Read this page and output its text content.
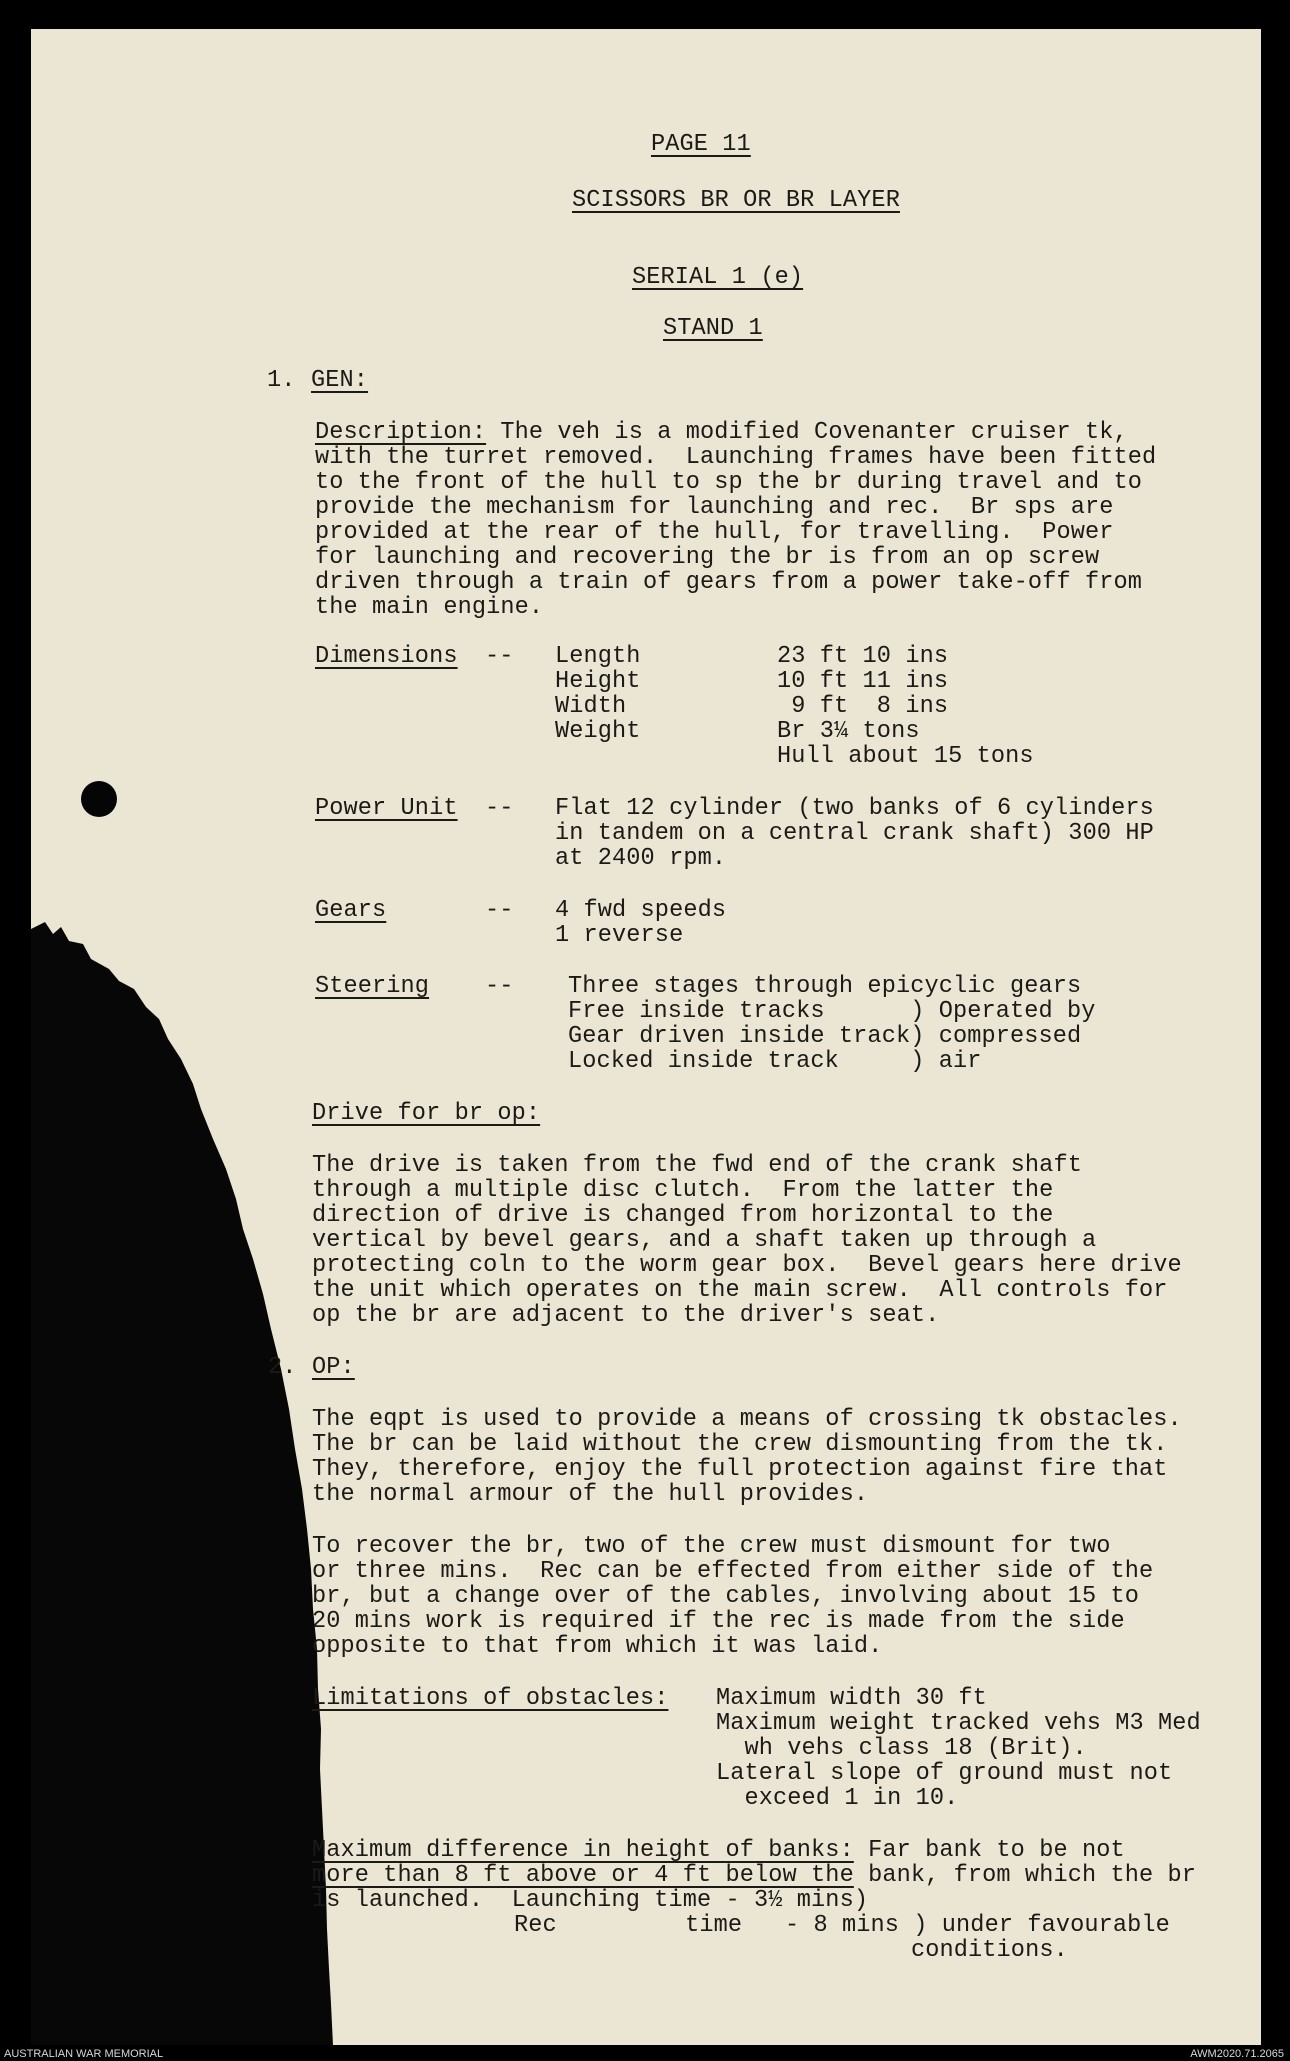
PAGE 11
SCISSORS BR OR BR LAYER
SERIAL 1 (e)
STAND 1
1. GEN:
Description: The veh is a modified Covenanter cruiser tk,
with the turret removed.  Launching frames have been fitted
to the front of the hull to sp the br during travel and to
provide the mechanism for launching and rec.  Br sps are
provided at the rear of the hull, for travelling.  Power
for launching and recovering the br is from an op screw
driven through a train of gears from a power take-off from
the main engine.
Dimensions -- Length
Height
Width
Weight
23 ft 10 ins
10 ft 11 ins
9 ft  8 ins
Br 3¼ tons
Hull about 15 tons
Power Unit -- Flat 12 cylinder (two banks of 6 cylinders
in tandem on a central crank shaft) 300 HP
at 2400 rpm.
Gears	-- 4 fwd speeds
1 reverse
Steering -- Three stages through epicyclic gears
Free inside tracks      ) Operated by
Gear driven inside track) compressed
Locked inside track     ) air
Drive for br op:
The drive is taken from the fwd end of the crank shaft
through a multiple disc clutch.  From the latter the
direction of drive is changed from horizontal to the
vertical by bevel gears, and a shaft taken up through a
protecting coln to the worm gear box.  Bevel gears here drive
the unit which operates on the main screw.  All controls for
op the br are adjacent to the driver's seat.
2. OP:
The eqpt is used to provide a means of crossing tk obstacles.
The br can be laid without the crew dismounting from the tk.
They, therefore, enjoy the full protection against fire that
the normal armour of the hull provides.
To recover the br, two of the crew must dismount for two
or three mins.  Rec can be effected from either side of the
br, but a change over of the cables, involving about 15 to
20 mins work is required if the rec is made from the side
opposite to that from which it was laid.
Limitations of obstacles: Maximum width 30 ft
Maximum weight tracked vehs M3 Med
wh vehs class 18 (Brit).
Lateral slope of ground must not
exceed 1 in 10.
Maximum difference in height of banks: Far bank to be not
more than 8 ft above or 4 ft below the bank, from which the br
is launched.  Launching time - 3½ mins)
Rec         time   - 8 mins ) under favourable
conditions.
AUSTRALIAN WAR MEMORIAL	AWM2020.71.2065
